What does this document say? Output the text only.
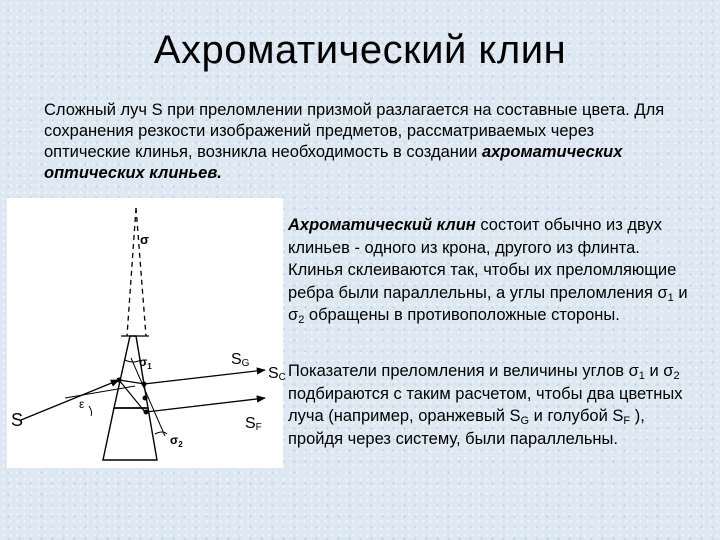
Ахроматический клин
Сложный луч S при преломлении призмой разлагается на составные цвета. Для сохранения резкости изображений предметов, рассматриваемых через оптические клинья, возникла необходимость в создании ахроматических оптических клиньев.
σ
$\sigma_1$
$\sigma_2$
ε
S
SG
SF
SC
Ахроматический клин состоит обычно из двух клиньев - одного из крона, другого из флинта. Клинья склеиваются так, чтобы их преломляющие ребра были параллельны, а углы преломления $\sigma_1$ и $\sigma_2$ обращены в противоположные стороны.
Показатели преломления и величины углов $\sigma_1$ и $\sigma_2$ подбираются с таким расчетом, чтобы два цветных луча (например, оранжевый $S_G$ и голубой $S_F$ ), пройдя через систему, были параллельны.
